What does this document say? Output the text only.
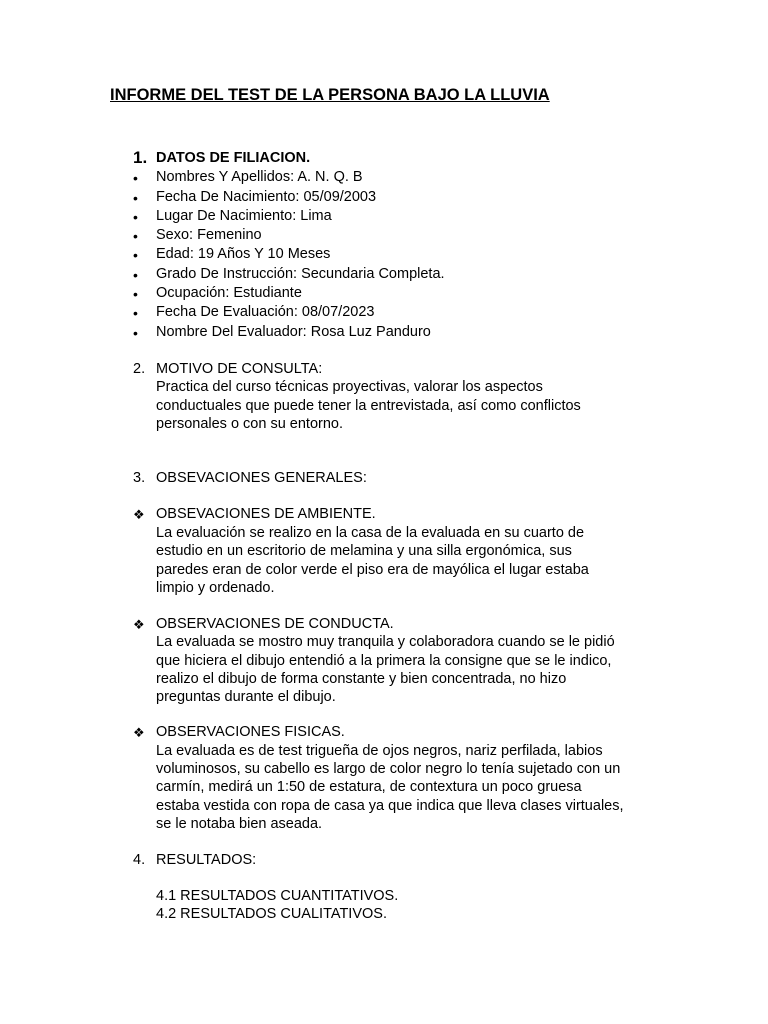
INFORME DEL TEST DE LA PERSONA BAJO LA LLUVIA
1. DATOS DE FILIACION.
• Nombres Y Apellidos: A. N. Q. B
• Fecha De Nacimiento: 05/09/2003
• Lugar De Nacimiento: Lima
• Sexo: Femenino
• Edad: 19 Años Y 10 Meses
• Grado De Instrucción: Secundaria Completa.
• Ocupación: Estudiante
• Fecha De Evaluación: 08/07/2023
• Nombre Del Evaluador: Rosa Luz Panduro
2. MOTIVO DE CONSULTA:
Practica del curso técnicas proyectivas, valorar los aspectos
conductuales que puede tener la entrevistada, así como conflictos
personales o con su entorno.
3. OBSEVACIONES GENERALES:
❖ OBSEVACIONES DE AMBIENTE.
La evaluación se realizo en la casa de la evaluada en su cuarto de
estudio en un escritorio de melamina y una silla ergonómica, sus
paredes eran de color verde el piso era de mayólica el lugar estaba
limpio y ordenado.
❖ OBSERVACIONES DE CONDUCTA.
La evaluada se mostro muy tranquila y colaboradora cuando se le pidió
que hiciera el dibujo entendió a la primera la consigne que se le indico,
realizo el dibujo de forma constante y bien concentrada, no hizo
preguntas durante el dibujo.
❖ OBSERVACIONES FISICAS.
La evaluada es de test trigueña de ojos negros, nariz perfilada, labios
voluminosos, su cabello es largo de color negro lo tenía sujetado con un
carmín, medirá un 1:50 de estatura, de contextura un poco gruesa
estaba vestida con ropa de casa ya que indica que lleva clases virtuales,
se le notaba bien aseada.
4. RESULTADOS:
4.1 RESULTADOS CUANTITATIVOS.
4.2 RESULTADOS CUALITATIVOS.
